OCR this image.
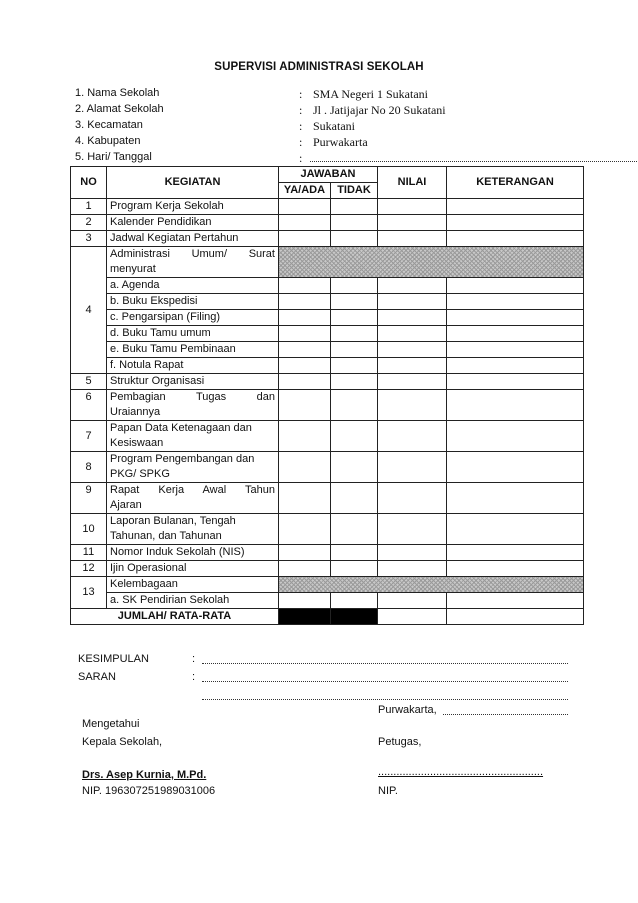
SUPERVISI ADMINISTRASI SEKOLAH
1. Nama Sekolah	: SMA Negeri 1 Sukatani
2. Alamat Sekolah	: Jl . Jatijajar No 20 Sukatani
3. Kecamatan	: Sukatani
4. Kabupaten	: Purwakarta
5. Hari/ Tanggal	:
NO	KEGIATAN	JAWABAN		NILAI	KETERANGAN
		YA/ADA	TIDAK		
1	Program Kerja Sekolah				
2	Kalender Pendidikan				
3	Jadwal Kegiatan Pertahun				
4	Administrasi Umum/ Surat
menyurat				

	a. Agenda				
	b. Buku Ekspedisi				
	c. Pengarsipan (Filing)				
	d. Buku Tamu umum				
	e. Buku Tamu Pembinaan				
	f. Notula Rapat				
5	Struktur Organisasi				
6	Pembagian Tugas dan
Uraiannya				

7	Papan Data Ketenagaan dan
Kesiswaan				

8	Program Pengembangan dan
PKG/ SPKG				

9	Rapat Kerja Awal Tahun
Ajaran				

10	Laporan Bulanan, Tengah
Tahunan, dan Tahunan				

11	Nomor Induk Sekolah (NIS)				
12	Ijin Operasional				
13	Kelembagaan				
	a. SK Pendirian Sekolah				
JUMLAH/ RATA-RATA					
KESIMPULAN	:
SARAN	:
Purwakarta,
Mengetahui
Kepala Sekolah,	Petugas,
Drs. Asep Kurnia, M.Pd.	......................................................
NIP. 196307251989031006	NIP.
